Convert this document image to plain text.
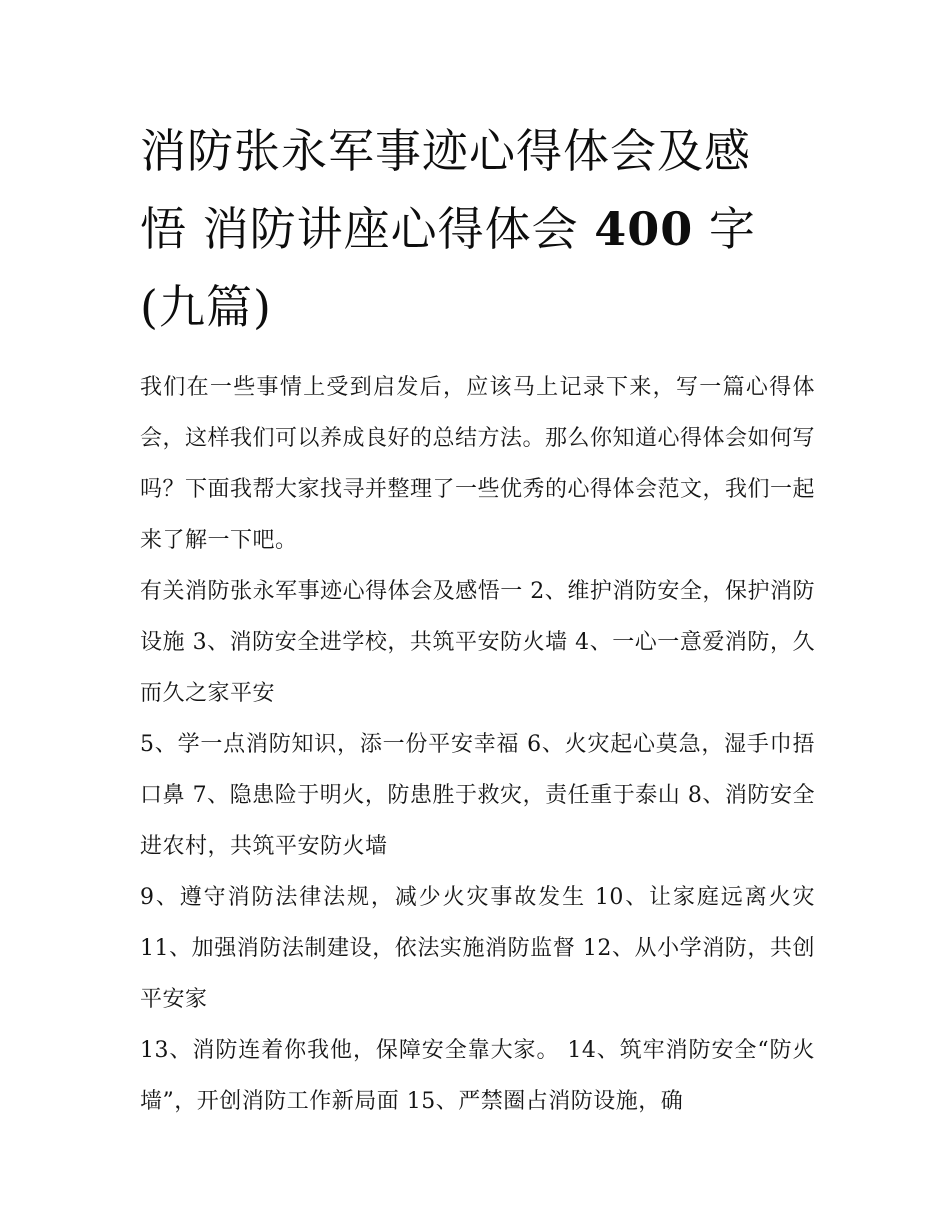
消防张永军事迹心得体会及感
悟 消防讲座心得体会 400 字
(九篇)

我们在一些事情上受到启发后，应该马上记录下来，写一篇心得体会，这样我们可以养成良好的总结方法。那么你知道心得体会如何写吗？下面我帮大家找寻并整理了一些优秀的心得体会范文，我们一起来了解一下吧。

有关消防张永军事迹心得体会及感悟一 2、维护消防安全，保护消防设施 3、消防安全进学校，共筑平安防火墙 4、一心一意爱消防，久而久之家平安

5、学一点消防知识，添一份平安幸福 6、火灾起心莫急，湿手巾捂口鼻 7、隐患险于明火，防患胜于救灾，责任重于泰山 8、消防安全进农村，共筑平安防火墙

9、遵守消防法律法规，减少火灾事故发生 10、让家庭远离火灾 11、加强消防法制建设，依法实施消防监督 12、从小学消防，共创平安家

13、消防连着你我他，保障安全靠大家。 14、筑牢消防安全“防火墙”，开创消防工作新局面 15、严禁圈占消防设施，确
